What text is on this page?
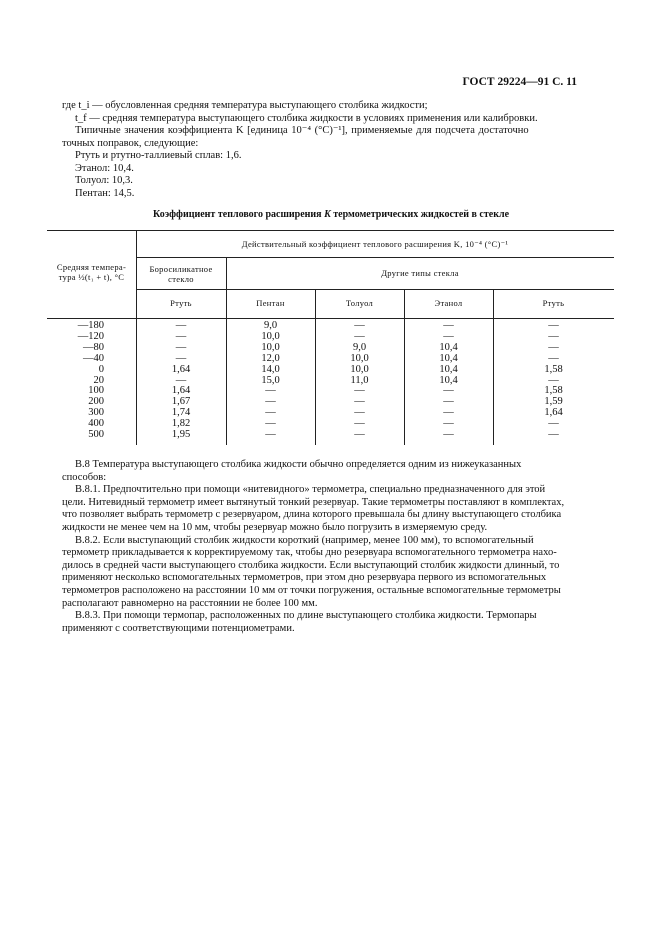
ГОСТ 29224—91 С. 11
где t_i — обусловленная средняя температура выступающего столбика жидкости;
t_f — средняя температура выступающего столбика жидкости в условиях применения или калибровки.
Типичные значения коэффициента K [единица 10⁻⁴ (°C)⁻¹], применяемые для подсчета достаточно
точных поправок, следующие:
Ртуть и ртутно-таллиевый сплав: 1,6.
Этанол: 10,4.
Толуол: 10,3.
Пентан: 14,5.
Коэффициент теплового расширения K термометрических жидкостей в стекле
Средняя темпера-
тура ½(t₁ + t), °C
Действительный коэффициент теплового расширения K, 10⁻⁴ (°C)⁻¹
Боросиликатное
стекло
Другие типы стекла
Ртуть	Пентан	Толуол	Этанол	Ртуть
—180	—	9,0	—	—	—
—120	—	10,0	—	—	—
—80	—	10,0	9,0	10,4	—
—40	—	12,0	10,0	10,4	—
0	1,64	14,0	10,0	10,4	1,58
20	—	15,0	11,0	10,4	—
100	1,64	—	—	—	1,58
200	1,67	—	—	—	1,59
300	1,74	—	—	—	1,64
400	1,82	—	—	—	—
500	1,95	—	—	—	—
В.8 Температура выступающего столбика жидкости обычно определяется одним из нижеуказанных
способов:
В.8.1. Предпочтительно при помощи «нитевидного» термометра, специально предназначенного для этой
цели. Нитевидный термометр имеет вытянутый тонкий резервуар. Такие термометры поставляют в комплектах,
что позволяет выбрать термометр с резервуаром, длина которого превышала бы длину выступающего столбика
жидкости не менее чем на 10 мм, чтобы резервуар можно было погрузить в измеряемую среду.
В.8.2. Если выступающий столбик жидкости короткий (например, менее 100 мм), то вспомогательный
термометр прикладывается к корректируемому так, чтобы дно резервуара вспомогательного термометра нахо-
дилось в средней части выступающего столбика жидкости. Если выступающий столбик жидкости длинный, то
применяют несколько вспомогательных термометров, при этом дно резервуара первого из вспомогательных
термометров расположено на расстоянии 10 мм от точки погружения, остальные вспомогательные термометры
располагают равномерно на расстоянии не более 100 мм.
В.8.3. При помощи термопар, расположенных по длине выступающего столбика жидкости. Термопары
применяют с соответствующими потенциометрами.
